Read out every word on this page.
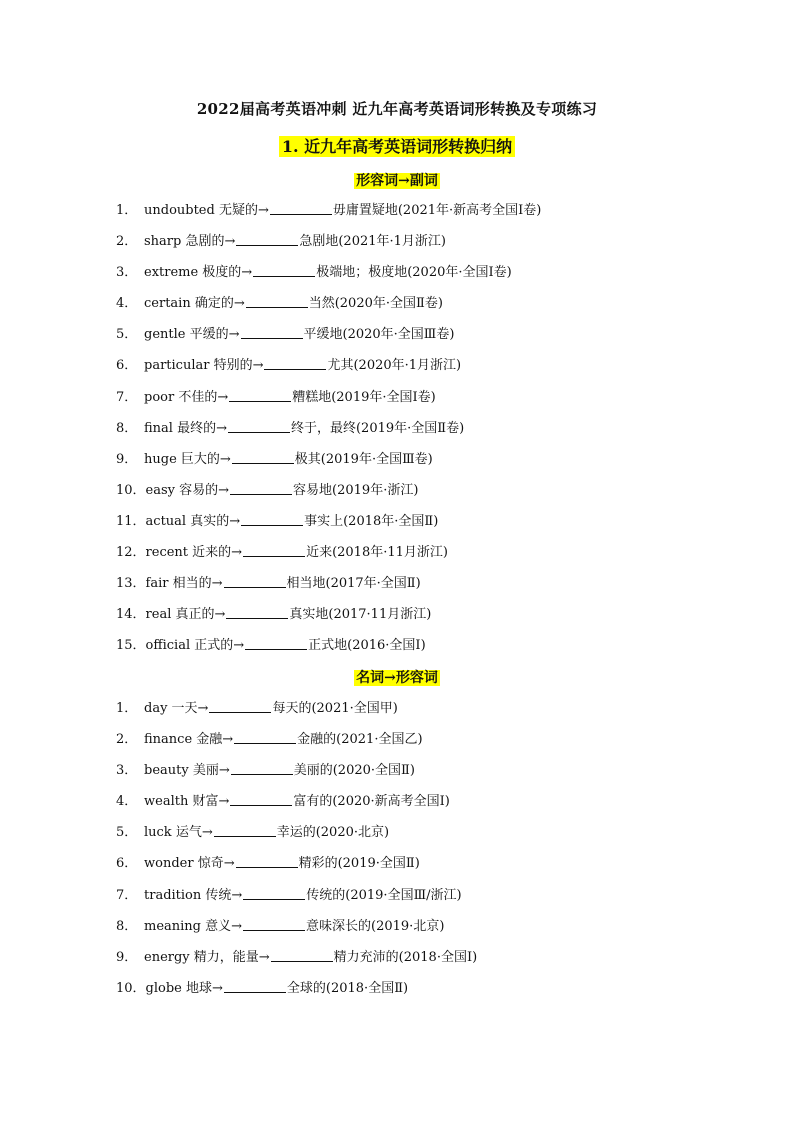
2022届高考英语冲刺 近九年高考英语词形转换及专项练习
1. 近九年高考英语词形转换归纳
形容词→副词
1． undoubted 无疑的→	毋庸置疑地(2021年·新高考全国Ⅰ卷)
2． sharp 急剧的→	急剧地(2021年·1月浙江)
3． extreme 极度的→	极端地；极度地(2020年·全国Ⅰ卷)
4． certain 确定的→	当然(2020年·全国Ⅱ卷)
5． gentle 平缓的→	平缓地(2020年·全国Ⅲ卷)
6． particular 特别的→	尤其(2020年·1月浙江)
7． poor 不佳的→	糟糕地(2019年·全国Ⅰ卷)
8． final 最终的→	终于，最终(2019年·全国Ⅱ卷)
9． huge 巨大的→	极其(2019年·全国Ⅲ卷)
10．easy 容易的→	容易地(2019年·浙江)
11．actual 真实的→	事实上(2018年·全国Ⅱ)
12．recent 近来的→	近来(2018年·11月浙江)
13．fair 相当的→	相当地(2017年·全国Ⅱ)
14．real 真正的→	真实地(2017·11月浙江)
15．official 正式的→	正式地(2016·全国Ⅰ)
名词→形容词
1． day 一天→	每天的(2021·全国甲)
2． finance 金融→	金融的(2021·全国乙)
3． beauty 美丽→	美丽的(2020·全国Ⅱ)
4． wealth 财富→	富有的(2020·新高考全国Ⅰ)
5． luck 运气→	幸运的(2020·北京)
6． wonder 惊奇→	精彩的(2019·全国Ⅱ)
7． tradition 传统→	传统的(2019·全国Ⅲ/浙江)
8． meaning 意义→	意味深长的(2019·北京)
9． energy 精力，能量→	精力充沛的(2018·全国Ⅰ)
10．globe 地球→	全球的(2018·全国Ⅱ)
